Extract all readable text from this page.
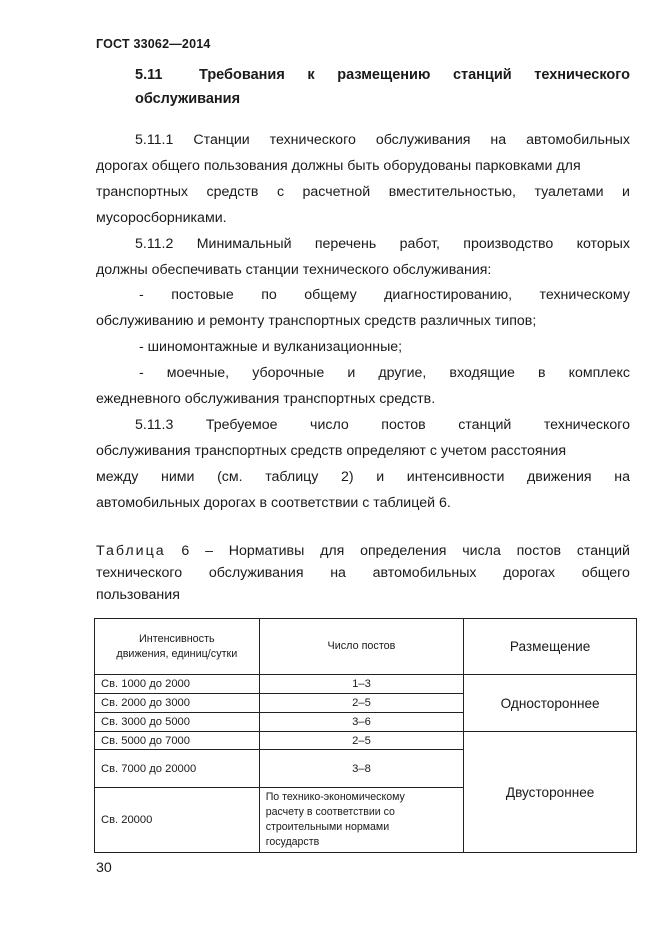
ГОСТ 33062—2014
5.11	Требования к размещению станций технического
обслуживания
5.11.1 Станции технического обслуживания на автомобильных
дорогах общего пользования должны быть оборудованы парковками для
транспортных средств с расчетной вместительностью, туалетами и
мусоросборниками.
5.11.2 Минимальный перечень работ, производство которых
должны обеспечивать станции технического обслуживания:
- постовые по общему диагностированию, техническому
обслуживанию и ремонту транспортных средств различных типов;
- шиномонтажные и вулканизационные;
- моечные, уборочные и другие, входящие в комплекс
ежедневного обслуживания транспортных средств.
5.11.3 Требуемое число постов станций технического
обслуживания транспортных средств определяют с учетом расстояния
между ними (см. таблицу 2) и интенсивности движения на
автомобильных дорогах в соответствии с таблицей 6.
Таблица 6 – Нормативы для определения числа постов станций
технического обслуживания на автомобильных дорогах общего
пользования
Интенсивность
движения, единиц/сутки	Число постов	Размещение
Св. 1000 до 2000	1–3	Одностороннее
Св. 2000 до 3000	2–5	
Св. 3000 до 5000	3–6	
Св. 5000 до 7000	2–5	Двустороннее
Св. 7000 до 20000	3–8	
Св. 20000	По технико-экономическому
расчету в соответствии со
строительными нормами
государств	
30
